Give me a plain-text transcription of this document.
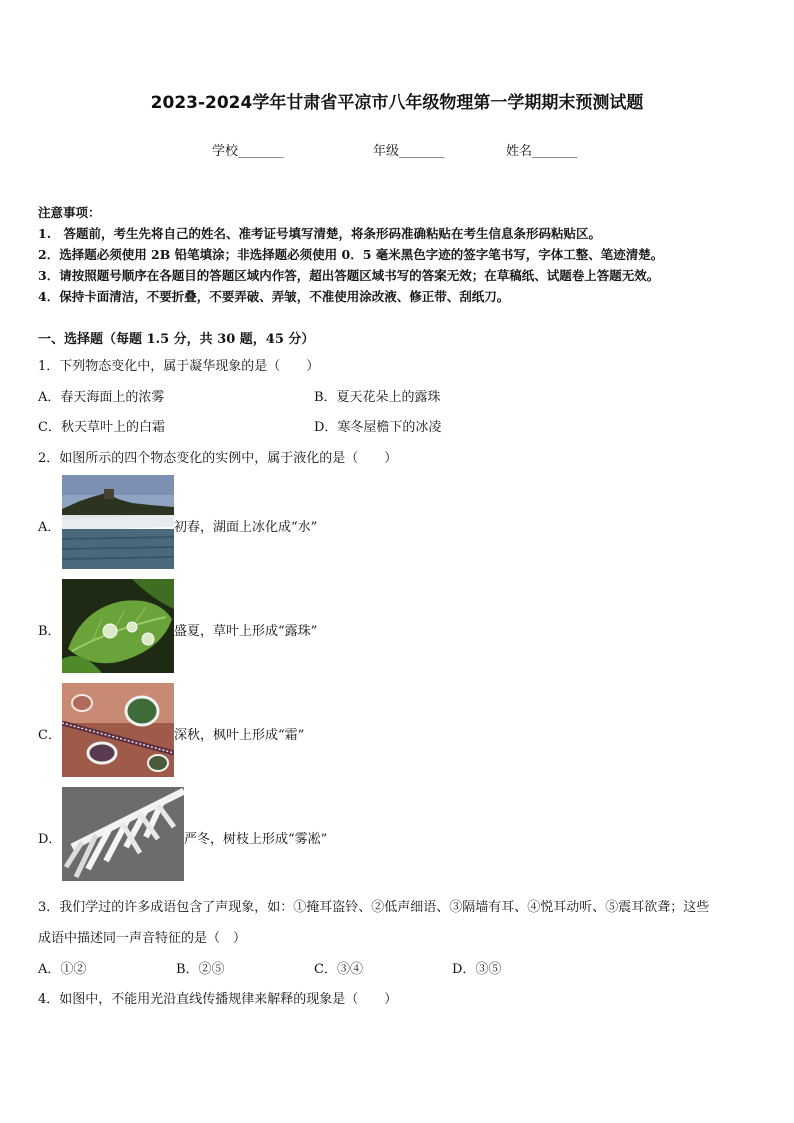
2023-2024学年甘肃省平凉市八年级物理第一学期期末预测试题
学校_______	年级_______	姓名_______
注意事项：
1.　答题前，考生先将自己的姓名、准考证号填写清楚，将条形码准确粘贴在考生信息条形码粘贴区。
2．选择题必须使用 2B 铅笔填涂；非选择题必须使用 0．5 毫米黑色字迹的签字笔书写，字体工整、笔迹清楚。
3．请按照题号顺序在各题目的答题区域内作答，超出答题区域书写的答案无效；在草稿纸、试题卷上答题无效。
4．保持卡面清洁，不要折叠，不要弄破、弄皱，不准使用涂改液、修正带、刮纸刀。
一、选择题（每题 1.5 分，共 30 题，45 分）
1．下列物态变化中，属于凝华现象的是（　　）
A．春天海面上的浓雾	B．夏天花朵上的露珠
C．秋天草叶上的白霜	D．寒冬屋檐下的冰凌
2．如图所示的四个物态变化的实例中，属于液化的是（　　）
A．	初春，湖面上冰化成“水”
B．	盛夏，草叶上形成“露珠”
C．	深秋，枫叶上形成“霜”
D．	严冬，树枝上形成“雾凇”
3．我们学过的许多成语包含了声现象，如：①掩耳盗铃、②低声细语、③隔墙有耳、④悦耳动听、⑤震耳欲聋；这些
成语中描述同一声音特征的是（　）
A．①②	B．②⑤	C．③④	D．③⑤
4．如图中，不能用光沿直线传播规律来解释的现象是（　　）
